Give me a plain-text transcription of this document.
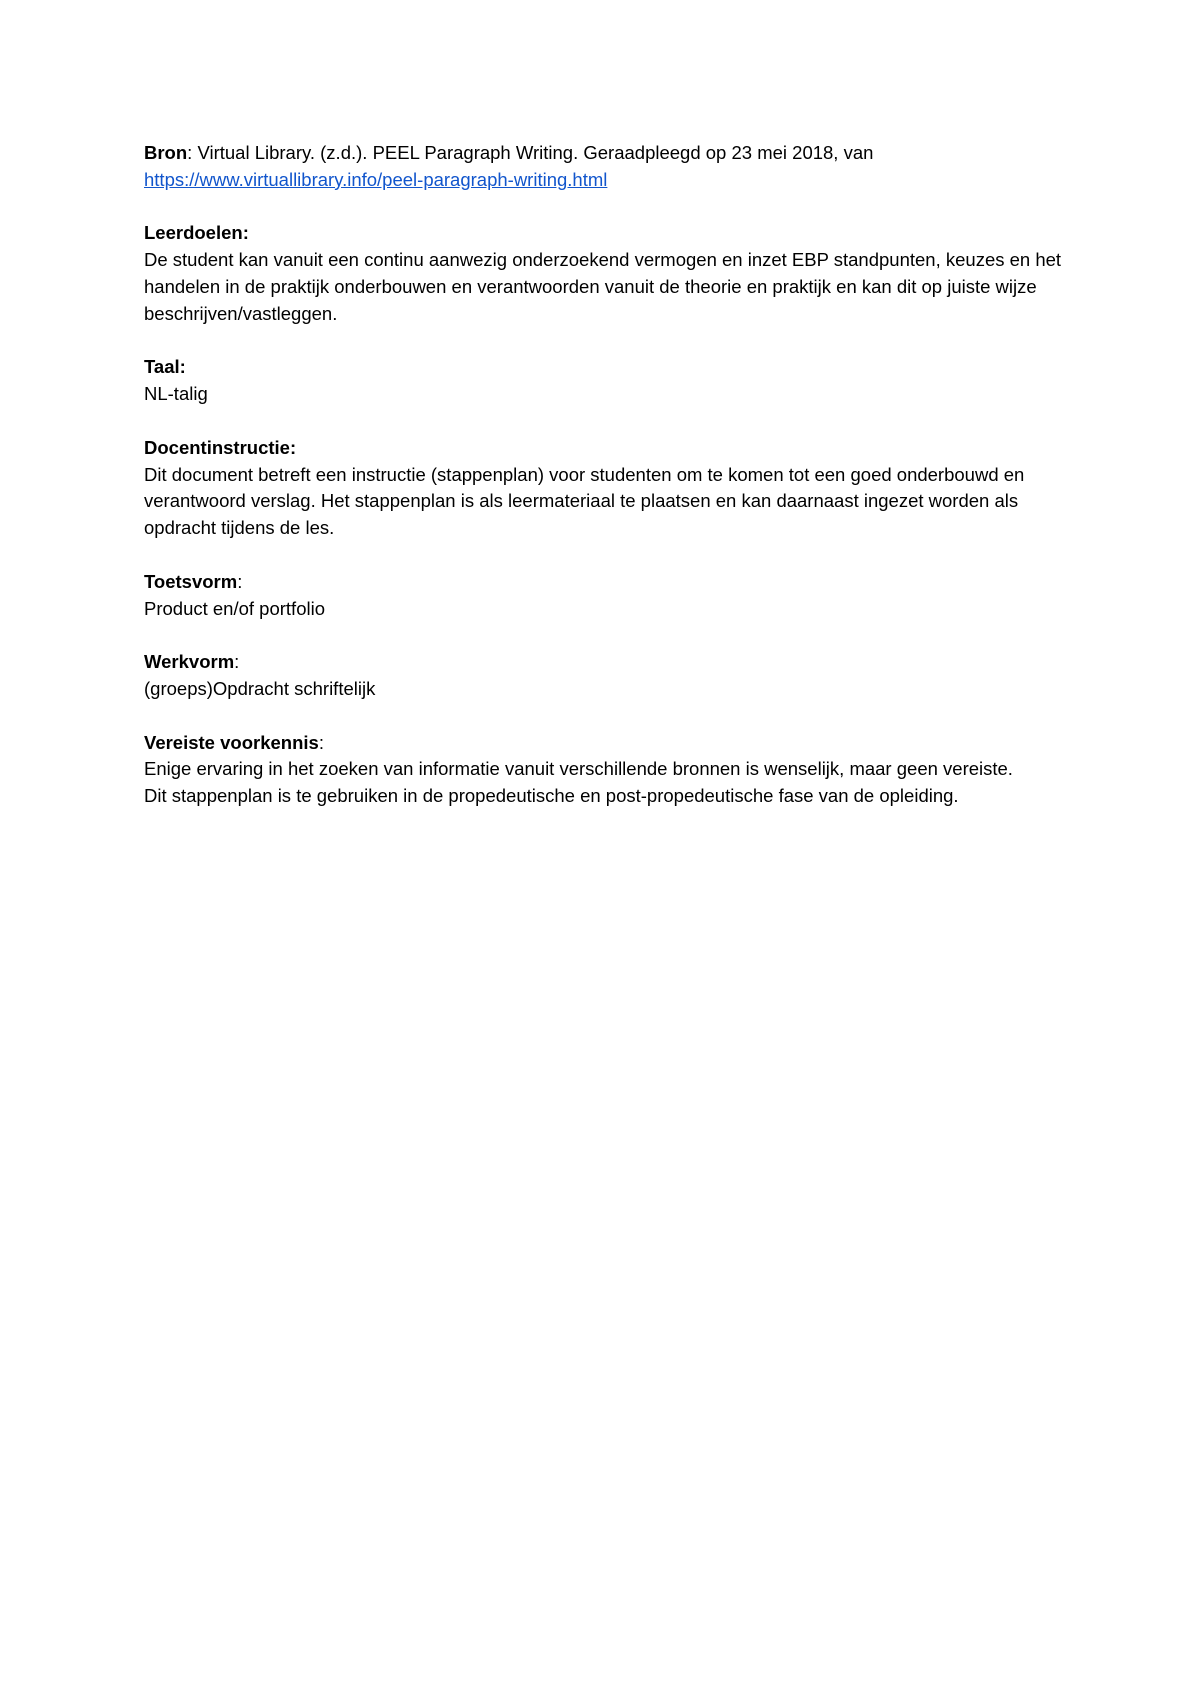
Bron: Virtual Library. (z.d.). PEEL Paragraph Writing. Geraadpleegd op 23 mei 2018, van

https://www.virtuallibrary.info/peel-paragraph-writing.html

Leerdoelen:

De student kan vanuit een continu aanwezig onderzoekend vermogen en inzet EBP standpunten, keuzes en het handelen in de praktijk onderbouwen en verantwoorden vanuit de theorie en praktijk en kan dit op juiste wijze beschrijven/vastleggen.

Taal:

NL-talig

Docentinstructie:

Dit document betreft een instructie (stappenplan) voor studenten om te komen tot een goed onderbouwd en verantwoord verslag. Het stappenplan is als leermateriaal te plaatsen en kan daarnaast ingezet worden als opdracht tijdens de les.

Toetsvorm:

Product en/of portfolio

Werkvorm:

(groeps)Opdracht schriftelijk

Vereiste voorkennis:

Enige ervaring in het zoeken van informatie vanuit verschillende bronnen is wenselijk, maar geen vereiste.

Dit stappenplan is te gebruiken in de propedeutische en post-propedeutische fase van de opleiding.
